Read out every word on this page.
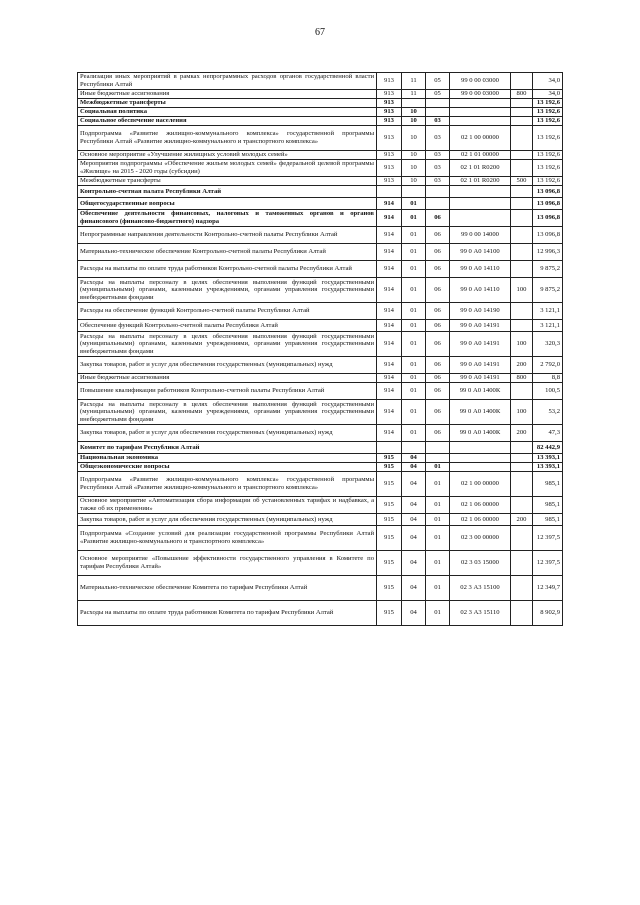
67
Реализация иных мероприятий в рамках непрограммных расходов органов государственной власти Республики Алтай	913	11	05	99 0 00 03000		34,0
Иные бюджетные ассигнования	913	11	05	99 0 00 03000	800	34,0
Межбюджетные трансферты	913					13 192,6
Социальная политика	913	10				13 192,6
Социальное обеспечение населения	913	10	03			13 192,6
Подпрограмма «Развитие жилищно-коммунального комплекса» государственной программы Республики Алтай «Развитие жилищно-коммунального и транспортного комплекса»	913	10	03	02 1 00 00000		13 192,6
Основное мероприятие «Улучшение жилищных условий молодых семей»	913	10	03	02 1 01 00000		13 192,6
Мероприятия подпрограммы «Обеспечение жильем молодых семей» федеральной целевой программы «Жилище» на 2015 - 2020 годы (субсидии)	913	10	03	02 1 01 R0200		13 192,6
Межбюджетные трансферты	913	10	03	02 1 01 R0200	500	13 192,6
Контрольно-счетная палата Республики Алтай						13 096,8
Общегосударственные вопросы	914	01				13 096,8
Обеспечение деятельности финансовых, налоговых и таможенных органов и органов финансового (финансово-бюджетного) надзора	914	01	06			13 096,8
Непрограммные направления деятельности Контрольно-счетной палаты Республики Алтай	914	01	06	99 0 00 14000		13 096,8
Материально-техническое обеспечение Контрольно-счетной палаты Республики Алтай	914	01	06	99 0 А0 14100		12 996,3
Расходы на выплаты по оплате труда работников Контрольно-счетной палаты Республики Алтай	914	01	06	99 0 А0 14110		9 875,2
Расходы на выплаты персоналу в целях обеспечения выполнения функций государственными (муниципальными) органами, казенными учреждениями, органами управления государственными внебюджетными фондами	914	01	06	99 0 А0 14110	100	9 875,2
Расходы на обеспечение функций Контрольно-счетной палаты Республики Алтай	914	01	06	99 0 А0 14190		3 121,1
Обеспечение функций Контрольно-счетной палаты Республики Алтай	914	01	06	99 0 А0 14191		3 121,1
Расходы на выплаты персоналу в целях обеспечения выполнения функций государственными (муниципальными) органами, казенными учреждениями, органами управления государственными внебюджетными фондами	914	01	06	99 0 А0 14191	100	320,3
Закупка товаров, работ и услуг для обеспечения государственных (муниципальных) нужд	914	01	06	99 0 А0 14191	200	2 792,0
Иные бюджетные ассигнования	914	01	06	99 0 А0 14191	800	8,8
Повышение квалификации работников Контрольно-счетной палаты Республики Алтай	914	01	06	99 0 А0 1400К		100,5
Расходы на выплаты персоналу в целях обеспечения выполнения функций государственными (муниципальными) органами, казенными учреждениями, органами управления государственными внебюджетными фондами	914	01	06	99 0 А0 1400К	100	53,2
Закупка товаров, работ и услуг для обеспечения государственных (муниципальных) нужд	914	01	06	99 0 А0 1400К	200	47,3
Комитет по тарифам Республики Алтай						82 442,9
Национальная экономика	915	04				13 393,1
Общеэкономические вопросы	915	04	01			13 393,1
Подпрограмма «Развитие жилищно-коммунального комплекса» государственной программы Республики Алтай «Развитие жилищно-коммунального и транспортного комплекса»	915	04	01	02 1 00 00000		985,1
Основное мероприятие «Автоматизация сбора информации об установленных тарифах и надбавках, а также об их применении»	915	04	01	02 1 06 00000		985,1
Закупка товаров, работ и услуг для обеспечения государственных (муниципальных) нужд	915	04	01	02 1 06 00000	200	985,1
Подпрограмма «Создание условий для реализации государственной программы Республики Алтай «Развитие жилищно-коммунального и транспортного комплекса»	915	04	01	02 3 00 00000		12 397,5
Основное мероприятие «Повышение эффективности государственного управления в Комитете по тарифам Республики Алтай»	915	04	01	02 3 03 15000		12 397,5
Материально-техническое обеспечение Комитета по тарифам Республики Алтай	915	04	01	02 3 А3 15100		12 349,7
Расходы на выплаты по оплате труда работников Комитета по тарифам Республики Алтай	915	04	01	02 3 А3 15110		8 902,9
